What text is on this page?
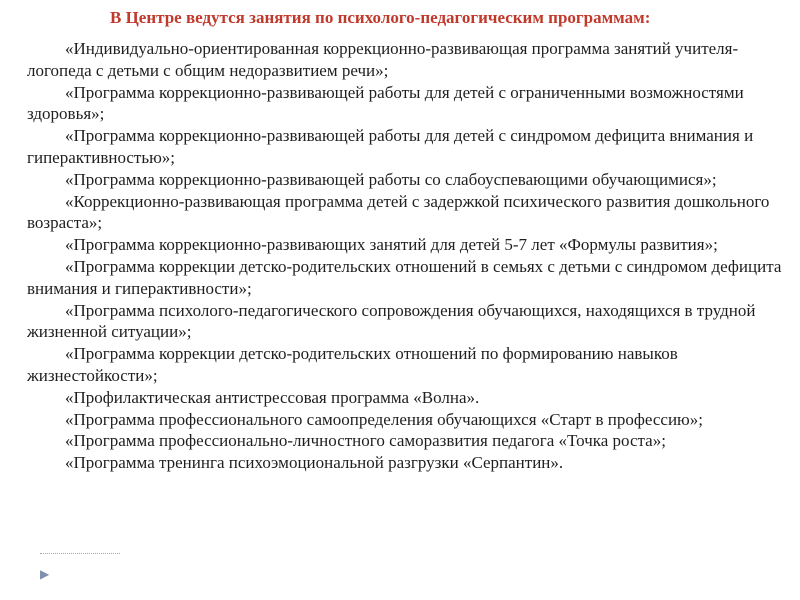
В Центре ведутся занятия по психолого-педагогическим программам:
«Индивидуально-ориентированная коррекционно-развивающая программа занятий учителя-логопеда с детьми с общим недоразвитием речи»;
«Программа коррекционно-развивающей работы для детей с ограниченными возможностями здоровья»;
«Программа коррекционно-развивающей работы для детей с синдромом дефицита внимания и гиперактивностью»;
«Программа коррекционно-развивающей работы со слабоуспевающими обучающимися»;
«Коррекционно-развивающая программа детей с задержкой психического развития дошкольного возраста»;
«Программа коррекционно-развивающих занятий для детей 5-7 лет «Формулы развития»;
«Программа коррекции детско-родительских отношений в семьях с детьми с синдромом дефицита внимания и гиперактивности»;
«Программа психолого-педагогического сопровождения обучающихся, находящихся в трудной жизненной ситуации»;
«Программа коррекции детско-родительских отношений по формированию навыков жизнестойкости»;
«Профилактическая антистрессовая программа «Волна».
«Программа профессионального самоопределения обучающихся «Старт в профессию»;
«Программа профессионально-личностного саморазвития педагога «Точка роста»;
«Программа тренинга психоэмоциональной разгрузки «Серпантин».
▶
